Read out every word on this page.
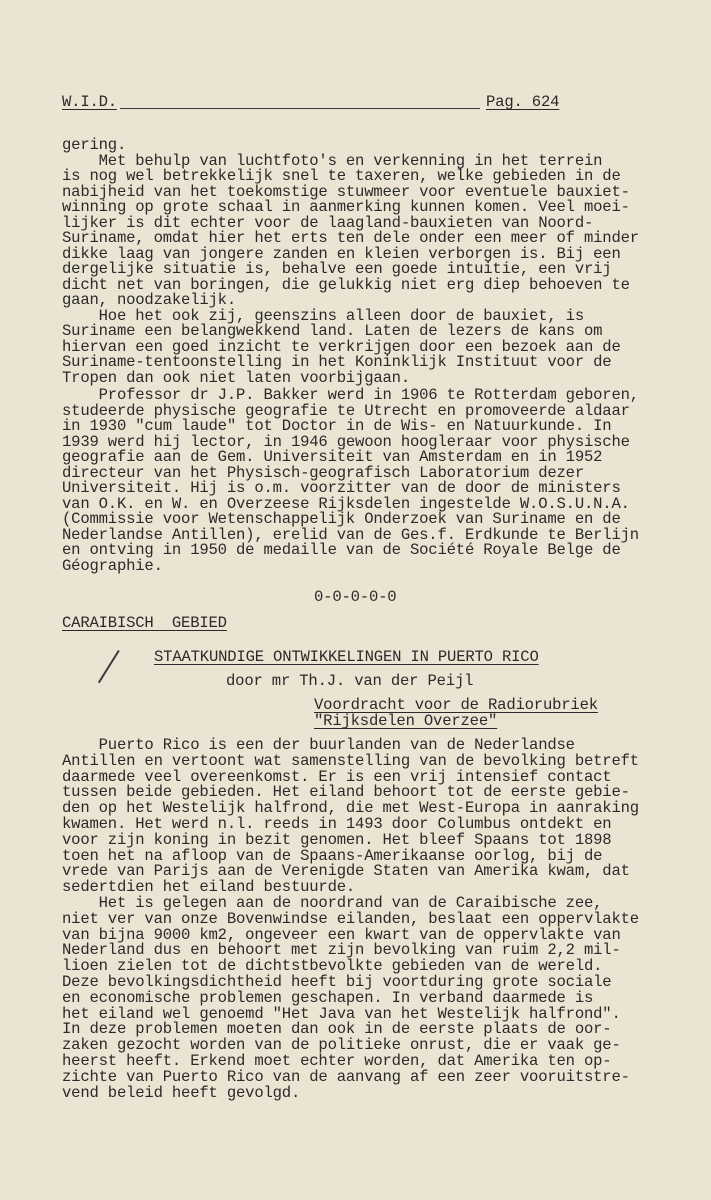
W.I.D.	Pag. 624
gering.
Met behulp van luchtfoto's en verkenning in het terrein
is nog wel betrekkelijk snel te taxeren, welke gebieden in de
nabijheid van het toekomstige stuwmeer voor eventuele bauxiet-
winning op grote schaal in aanmerking kunnen komen. Veel moei-
lijker is dit echter voor de laagland-bauxieten van Noord-
Suriname, omdat hier het erts ten dele onder een meer of minder
dikke laag van jongere zanden en kleien verborgen is. Bij een
dergelijke situatie is, behalve een goede intuitie, een vrij
dicht net van boringen, die gelukkig niet erg diep behoeven te
gaan, noodzakelijk.
Hoe het ook zij, geenszins alleen door de bauxiet, is
Suriname een belangwekkend land. Laten de lezers de kans om
hiervan een goed inzicht te verkrijgen door een bezoek aan de
Suriname-tentoonstelling in het Koninklijk Instituut voor de
Tropen dan ook niet laten voorbijgaan.
Professor dr J.P. Bakker werd in 1906 te Rotterdam geboren,
studeerde physische geografie te Utrecht en promoveerde aldaar
in 1930 "cum laude" tot Doctor in de Wis- en Natuurkunde. In
1939 werd hij lector, in 1946 gewoon hoogleraar voor physische
geografie aan de Gem. Universiteit van Amsterdam en in 1952
directeur van het Physisch-geografisch Laboratorium dezer
Universiteit. Hij is o.m. voorzitter van de door de ministers
van O.K. en W. en Overzeese Rijksdelen ingestelde W.O.S.U.N.A.
(Commissie voor Wetenschappelijk Onderzoek van Suriname en de
Nederlandse Antillen), erelid van de Ges.f. Erdkunde te Berlijn
en ontving in 1950 de medaille van de Société Royale Belge de
Géographie.
0-0-0-0-0
CARAIBISCH  GEBIED
STAATKUNDIGE ONTWIKKELINGEN IN PUERTO RICO
door mr Th.J. van der Peijl
Voordracht voor de Radiorubriek
"Rijksdelen Overzee"
Puerto Rico is een der buurlanden van de Nederlandse
Antillen en vertoont wat samenstelling van de bevolking betreft
daarmede veel overeenkomst. Er is een vrij intensief contact
tussen beide gebieden. Het eiland behoort tot de eerste gebie-
den op het Westelijk halfrond, die met West-Europa in aanraking
kwamen. Het werd n.l. reeds in 1493 door Columbus ontdekt en
voor zijn koning in bezit genomen. Het bleef Spaans tot 1898
toen het na afloop van de Spaans-Amerikaanse oorlog, bij de
vrede van Parijs aan de Verenigde Staten van Amerika kwam, dat
sedertdien het eiland bestuurde.
Het is gelegen aan de noordrand van de Caraibische zee,
niet ver van onze Bovenwindse eilanden, beslaat een oppervlakte
van bijna 9000 km2, ongeveer een kwart van de oppervlakte van
Nederland dus en behoort met zijn bevolking van ruim 2,2 mil-
lioen zielen tot de dichtstbevolkte gebieden van de wereld.
Deze bevolkingsdichtheid heeft bij voortduring grote sociale
en economische problemen geschapen. In verband daarmede is
het eiland wel genoemd "Het Java van het Westelijk halfrond".
In deze problemen moeten dan ook in de eerste plaats de oor-
zaken gezocht worden van de politieke onrust, die er vaak ge-
heerst heeft. Erkend moet echter worden, dat Amerika ten op-
zichte van Puerto Rico van de aanvang af een zeer vooruitstre-
vend beleid heeft gevolgd.
